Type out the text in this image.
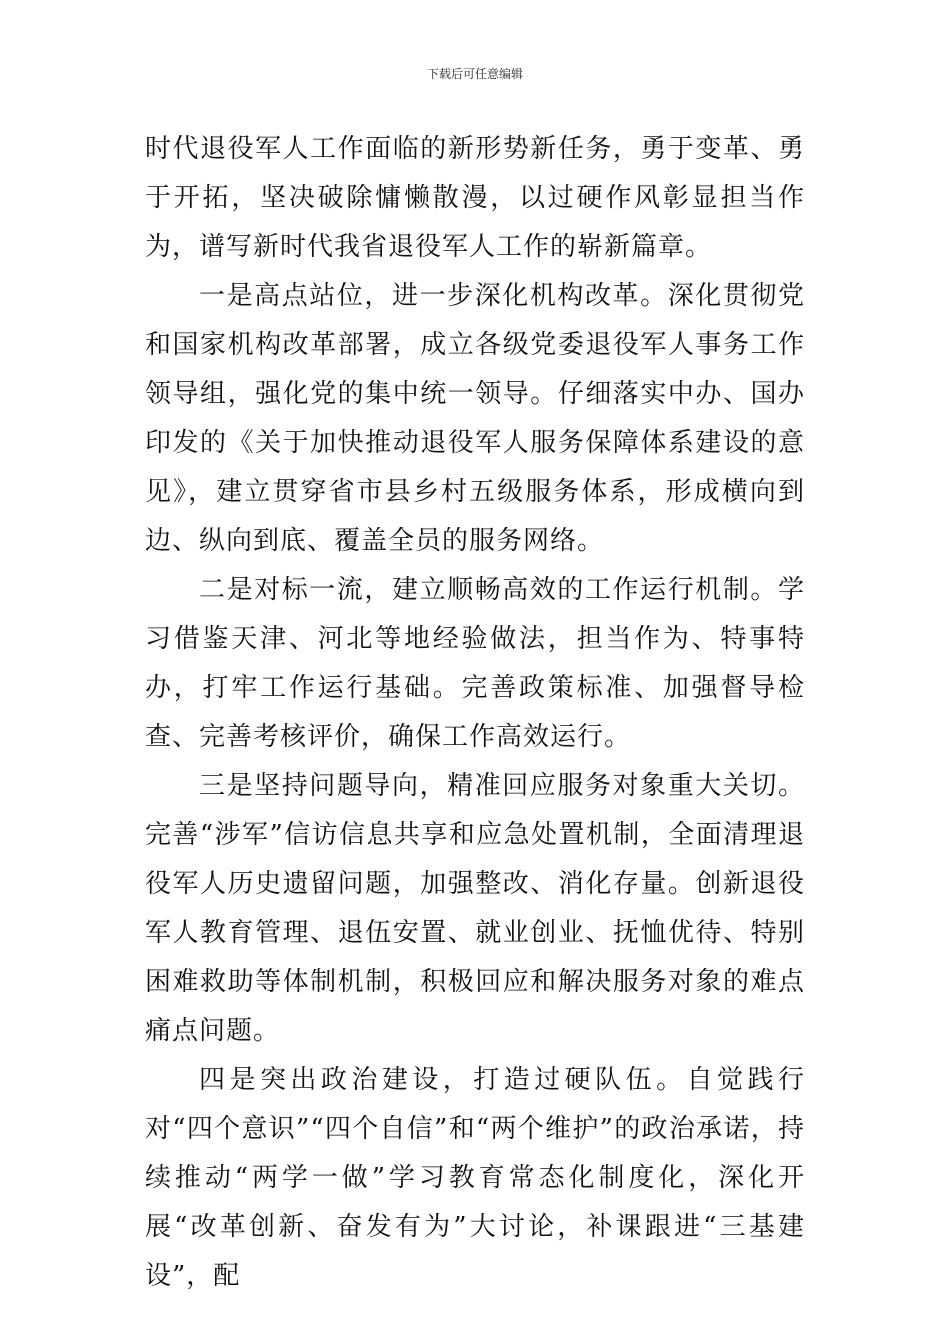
下载后可任意编辑

时代退役军人工作面临的新形势新任务，勇于变革、勇于开拓，坚决破除慵懒散漫，以过硬作风彰显担当作为，谱写新时代我省退役军人工作的崭新篇章。

一是高点站位，进一步深化机构改革。深化贯彻党和国家机构改革部署，成立各级党委退役军人事务工作领导组，强化党的集中统一领导。仔细落实中办、国办印发的《关于加快推动退役军人服务保障体系建设的意见》，建立贯穿省市县乡村五级服务体系，形成横向到边、纵向到底、覆盖全员的服务网络。

二是对标一流，建立顺畅高效的工作运行机制。学习借鉴天津、河北等地经验做法，担当作为、特事特办，打牢工作运行基础。完善政策标准、加强督导检查、完善考核评价，确保工作高效运行。

三是坚持问题导向，精准回应服务对象重大关切。完善“涉军”信访信息共享和应急处置机制，全面清理退役军人历史遗留问题，加强整改、消化存量。创新退役军人教育管理、退伍安置、就业创业、抚恤优待、特别困难救助等体制机制，积极回应和解决服务对象的难点痛点问题。

四是突出政治建设，打造过硬队伍。自觉践行对“四个意识”“四个自信”和“两个维护”的政治承诺，持续推动“两学一做”学习教育常态化制度化，深化开展“改革创新、奋发有为”大讨论，补课跟进“三基建设”，配
